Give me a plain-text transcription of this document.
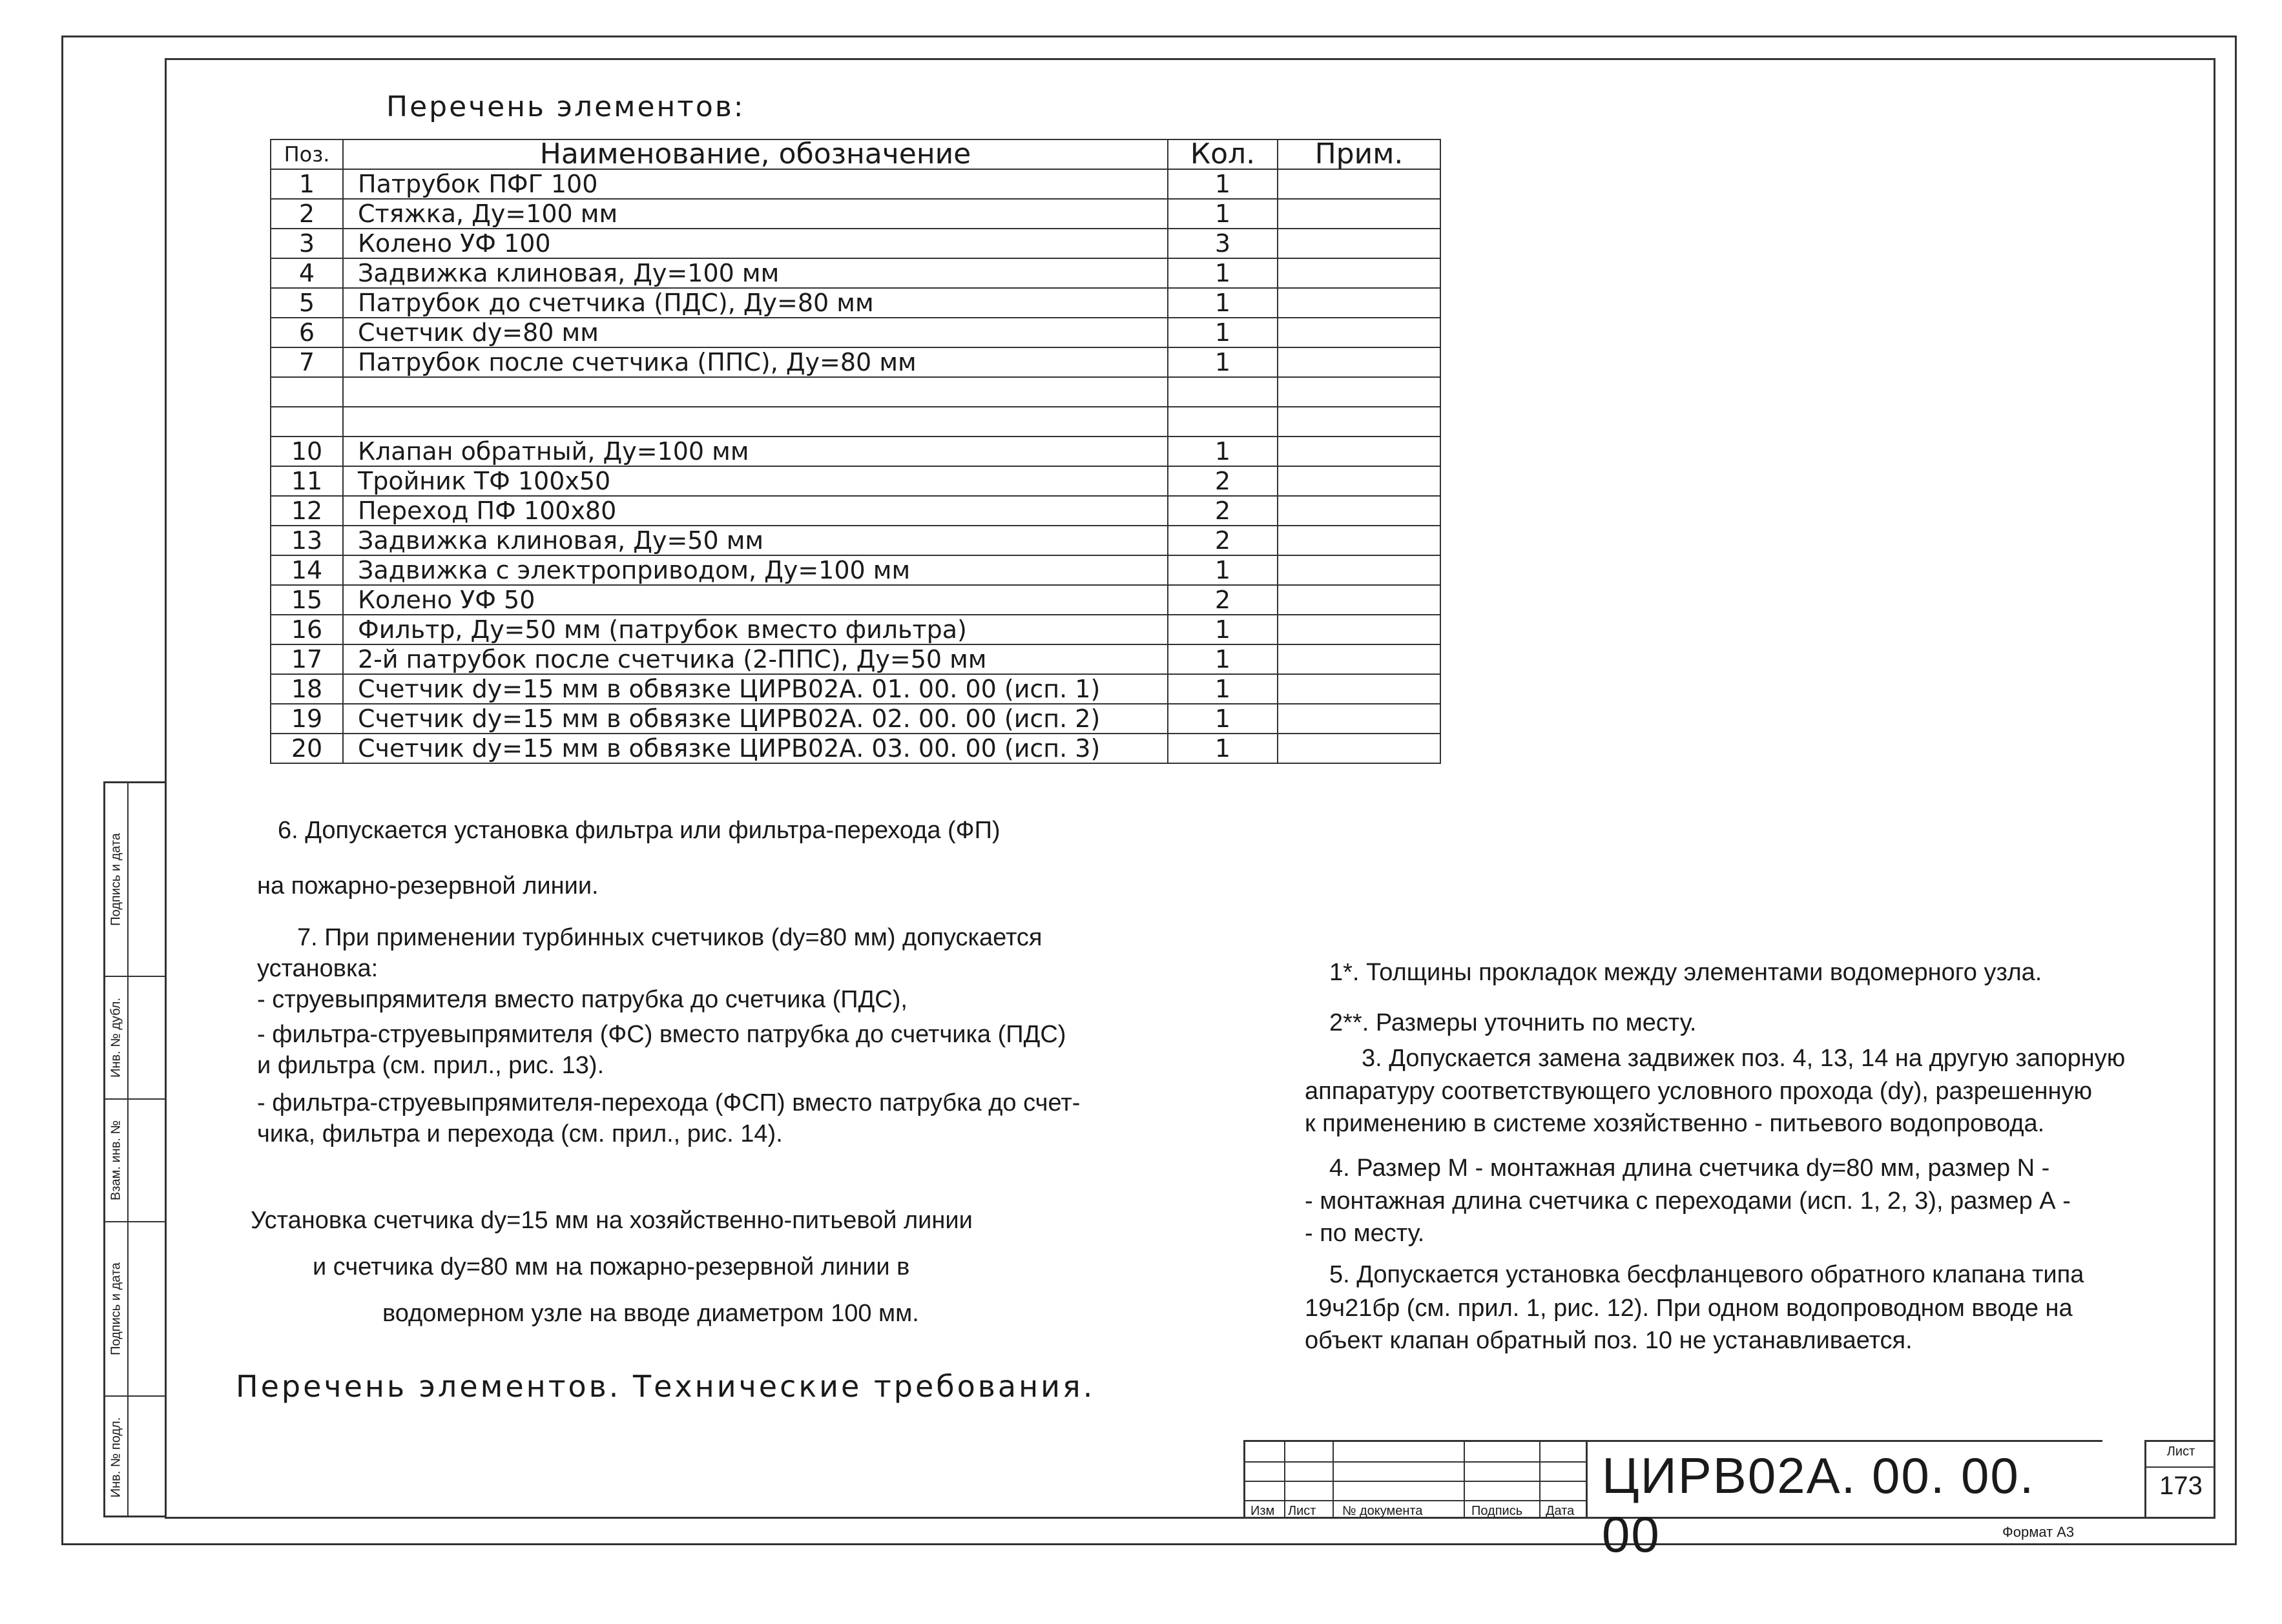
Подпись и дата
Инв. № дубл.
Взам. инв. №
Подпись и дата
Инв. № подл.
Перечень элементов:
Поз.	Наименование, обозначение	Кол.	Прим.
1	Патрубок ПФГ 100	1	
2	Стяжка, Ду=100 мм	1	
3	Колено УФ 100	3	
4	Задвижка клиновая, Ду=100 мм	1	
5	Патрубок до счетчика (ПДС), Ду=80 мм	1	
6	Счетчик dy=80 мм	1	
7	Патрубок после счетчика (ППС), Ду=80 мм	1	

10	Клапан обратный, Ду=100 мм	1	
11	Тройник ТФ 100х50	2	
12	Переход ПФ 100х80	2	
13	Задвижка клиновая, Ду=50 мм	2	
14	Задвижка с электроприводом, Ду=100 мм	1	
15	Колено УФ 50	2	
16	Фильтр, Ду=50 мм (патрубок вместо фильтра)	1	
17	2-й патрубок после счетчика (2-ППС), Ду=50 мм	1	
18	Счетчик dy=15 мм в обвязке ЦИРВ02А. 01. 00. 00 (исп. 1)	1	
19	Счетчик dy=15 мм в обвязке ЦИРВ02А. 02. 00. 00 (исп. 2)	1	
20	Счетчик dy=15 мм в обвязке ЦИРВ02А. 03. 00. 00 (исп. 3)	1	
6. Допускается установка фильтра или фильтра-перехода (ФП)
на пожарно-резервной линии.
7. При применении турбинных счетчиков (dy=80 мм) допускается
установка:
- струевыпрямителя вместо патрубка до счетчика (ПДС),
- фильтра-струевыпрямителя (ФС) вместо патрубка до счетчика (ПДС)
и фильтра (см. прил., рис. 13).
- фильтра-струевыпрямителя-перехода (ФСП) вместо патрубка до счет-
чика, фильтра и перехода (см. прил., рис. 14).
Установка счетчика dy=15 мм на хозяйственно-питьевой линии
и счетчика dy=80 мм на пожарно-резервной линии в
водомерном узле на вводе диаметром 100 мм.
1*. Толщины прокладок между элементами водомерного узла.
2**. Размеры уточнить по месту.
3. Допускается замена задвижек поз. 4, 13, 14 на другую запорную
аппаратуру соответствующего условного прохода (dy), разрешенную
к применению в системе хозяйственно - питьевого водопровода.
4. Размер М - монтажная длина счетчика dy=80 мм, размер N -
- монтажная длина счетчика с переходами (исп. 1, 2, 3), размер А -
- по месту.
5. Допускается установка бесфланцевого обратного клапана типа
19ч21бр (см. прил. 1, рис. 12). При одном водопроводном вводе на
объект клапан обратный поз. 10 не устанавливается.
Перечень элементов. Технические требования.
Изм Лист № документа	Подпись Дата
ЦИРВ02А. 00. 00. 00
Лист
173
Формат А3
